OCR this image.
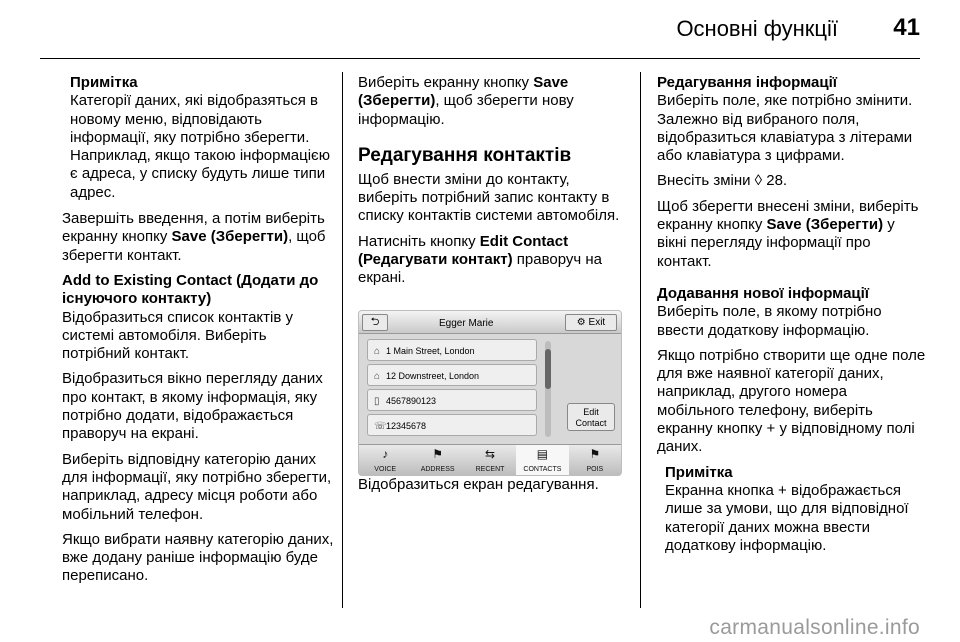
Основні функції 41
Примітка
Категорії даних, які відобразяться в новому меню, відповідають інформації, яку потрібно зберегти. Наприклад, якщо такою інформацією є адреса, у списку будуть лише типи адрес.

Завершіть введення, а потім виберіть екранну кнопку Save (Зберегти), щоб зберегти контакт.

Add to Existing Contact (Додати до існуючого контакту)

Відобразиться список контактів у системі автомобіля. Виберіть потрібний контакт.

Відобразиться вікно перегляду даних про контакт, в якому інформація, яку потрібно додати, відображається праворуч на екрані.

Виберіть відповідну категорію даних для інформації, яку потрібно зберегти, наприклад, адресу місця роботи або мобільний телефон.

Якщо вибрати наявну категорію даних, вже додану раніше інформацію буде переписано.

Виберіть екранну кнопку Save (Зберегти), щоб зберегти нову інформацію.

Редагування контактів

Щоб внести зміни до контакту, виберіть потрібний запис контакту в списку контактів системи автомобіля.

Натисніть кнопку Edit Contact (Редагувати контакт) праворуч на екрані.

⮌	Egger Marie	⚙ Exit
⌂ 1 Main Street, London
⌂ 12 Downstreet, London
▯ 4567890123
☏12345678
Edit
Contact
♪
VOICE
⚑
ADDRESS
⇆
RECENT
▤
CONTACTS
⚑
POIS

Відобразиться екран редагування.

Редагування інформації

Виберіть поле, яке потрібно змінити. Залежно від вибраного поля, відобразиться клавіатура з літерами або клавіатура з цифрами.

Внесіть зміни ◊ 28.

Щоб зберегти внесені зміни, виберіть екранну кнопку Save (Зберегти) у вікні перегляду інформації про контакт.

Додавання нової інформації

Виберіть поле, в якому потрібно ввести додаткову інформацію.

Якщо потрібно створити ще одне поле для вже наявної категорії даних, наприклад, другого номера мобільного телефону, виберіть екранну кнопку + у відповідному полі даних.

Примітка
Екранна кнопка + відображається лише за умови, що для відповідної категорії даних можна ввести додаткову інформацію.
carmanualsonline.info
